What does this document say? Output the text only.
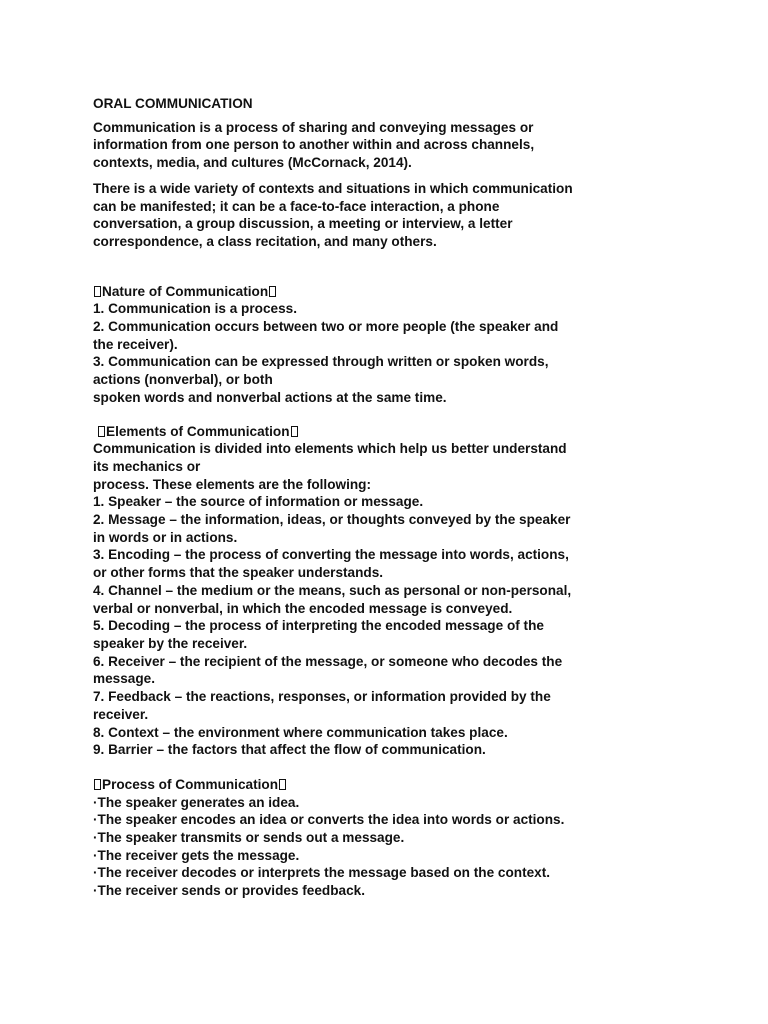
ORAL COMMUNICATION
Communication is a process of sharing and conveying messages or
information from one person to another within and across channels,
contexts, media, and cultures (McCornack, 2014).
There is a wide variety of contexts and situations in which communication
can be manifested; it can be a face-to-face interaction, a phone
conversation, a group discussion, a meeting or interview, a letter
correspondence, a class recitation, and many others.
Nature of Communication
1. Communication is a process.
2. Communication occurs between two or more people (the speaker and
the receiver).
3. Communication can be expressed through written or spoken words,
actions (nonverbal), or both
spoken words and nonverbal actions at the same time.
Elements of Communication
Communication is divided into elements which help us better understand
its mechanics or
process. These elements are the following:
1. Speaker – the source of information or message.
2. Message – the information, ideas, or thoughts conveyed by the speaker
in words or in actions.
3. Encoding – the process of converting the message into words, actions,
or other forms that the speaker understands.
4. Channel – the medium or the means, such as personal or non-personal,
verbal or nonverbal, in which the encoded message is conveyed.
5. Decoding – the process of interpreting the encoded message of the
speaker by the receiver.
6. Receiver – the recipient of the message, or someone who decodes the
message.
7. Feedback – the reactions, responses, or information provided by the
receiver.
8. Context – the environment where communication takes place.
9. Barrier – the factors that affect the flow of communication.
Process of Communication
·The speaker generates an idea.
·The speaker encodes an idea or converts the idea into words or actions.
·The speaker transmits or sends out a message.
·The receiver gets the message.
·The receiver decodes or interprets the message based on the context.
·The receiver sends or provides feedback.
